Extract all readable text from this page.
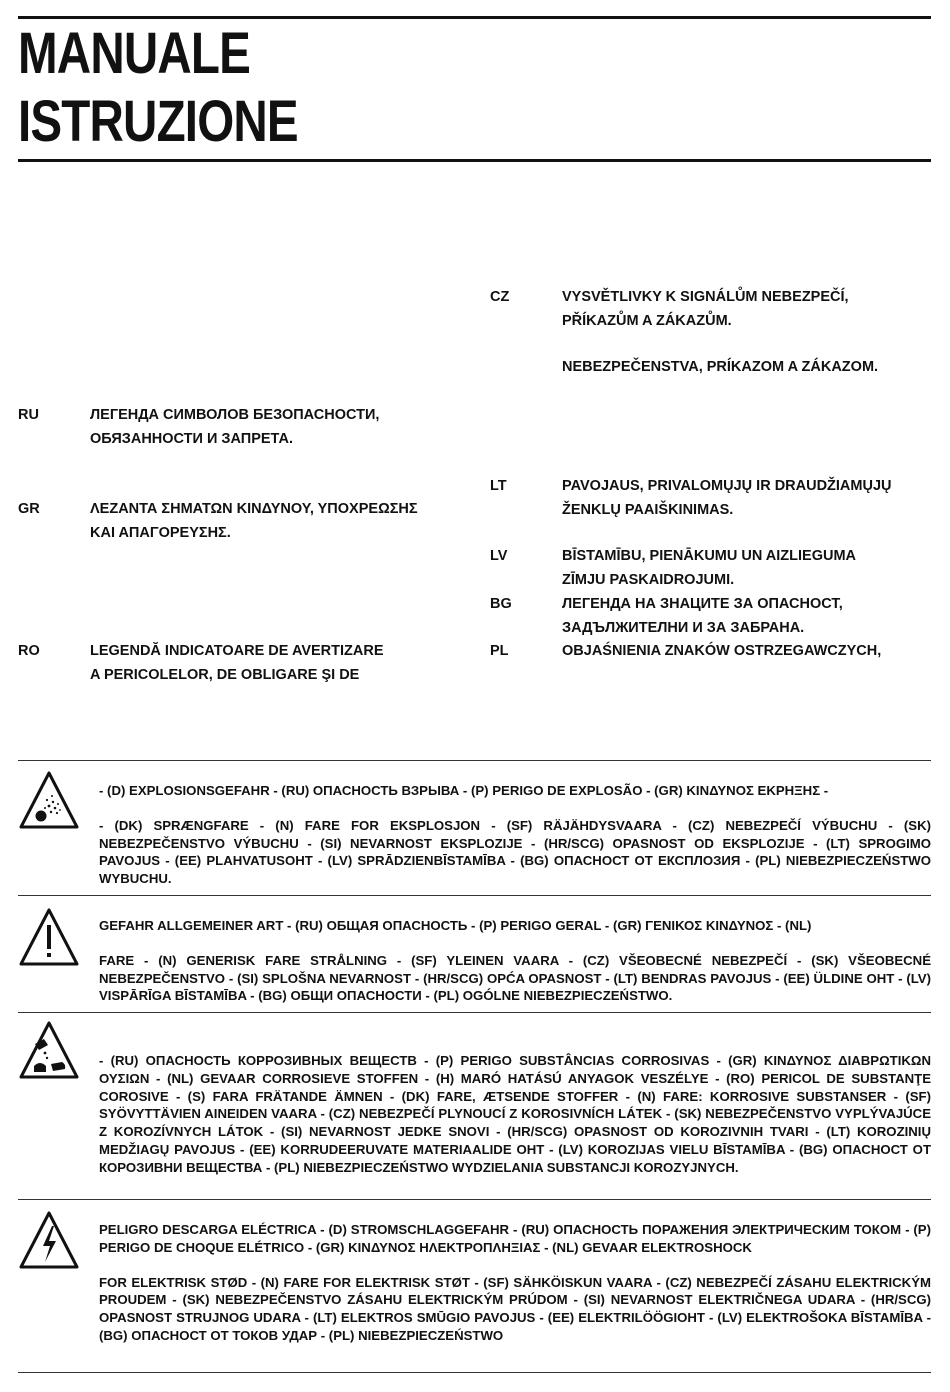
MANUALE
ISTRUZIONE
CZ	VYSVĚTLIVKY K SIGNÁLŮM NEBEZPEČÍ,
PŘÍKAZŮM A ZÁKAZŮM.
NEBEZPEČENSTVA, PRÍKAZOM A ZÁKAZOM.
RU	ЛЕГЕНДА СИМВОЛОВ БЕЗОПАСНОСТИ,
ОБЯЗАННОСТИ И ЗАПРЕТА.
LT	PAVOJAUS, PRIVALOMŲJŲ IR DRAUDŽIAMŲJŲ
ŽENKLŲ PAAIŠKINIMAS.
GR	ΛΕΖΑΝΤΑ ΣΗΜΑΤΩΝ ΚΙΝΔΥΝΟΥ, ΥΠΟΧΡΕΩΣΗΣ
ΚΑΙ ΑΠΑΓΟΡΕΥΣΗΣ.
LV	BĪSTAMĪBU, PIENĀKUMU UN AIZLIEGUMA
ZĪMJU PASKAIDROJUMI.
BG	ЛЕГЕНДА НА ЗНАЦИТЕ ЗА ОПАСНОСТ,
ЗАДЪЛЖИТЕЛНИ И ЗА ЗАБРАНА.
RO	LEGENDĂ INDICATOARE DE AVERTIZARE
A PERICOLELOR, DE OBLIGARE ŞI DE
PL	OBJAŚNIENIA ZNAKÓW OSTRZEGAWCZYCH,

- (D) EXPLOSIONSGEFAHR - (RU) ОПАСНОСТЬ ВЗРЫВА - (P) PERIGO DE EXPLOSÃO - (GR) ΚΙΝΔΥΝΟΣ ΕΚΡΗΞΗΣ -

- (DK) SPRÆNGFARE - (N) FARE FOR EKSPLOSJON - (SF) RÄJÄHDYSVAARA - (CZ) NEBEZPEČÍ VÝBUCHU - (SK) NEBEZPEČENSTVO VÝBUCHU - (SI) NEVARNOST EKSPLOZIJE - (HR/SCG) OPASNOST OD EKSPLOZIJE - (LT) SPROGIMO PAVOJUS - (EE) PLAHVATUSOHT - (LV) SPRĀDZIENBĪSTAMĪBA - (BG) ОПАСНОСТ ОТ ЕКСПЛОЗИЯ - (PL) NIEBEZPIECZEŃSTWO WYBUCHU.

GEFAHR ALLGEMEINER ART - (RU) ОБЩАЯ ОПАСНОСТЬ - (P) PERIGO GERAL - (GR) ΓΕΝΙΚΟΣ ΚΙΝΔΥΝΟΣ - (NL)

FARE - (N) GENERISK FARE STRÅLNING - (SF) YLEINEN VAARA - (CZ) VŠEOBECNÉ NEBEZPEČÍ - (SK) VŠEOBECNÉ NEBEZPEČENSTVO - (SI) SPLOŠNA NEVARNOST - (HR/SCG) OPĆA OPASNOST - (LT) BENDRAS PAVOJUS - (EE) ÜLDINE OHT - (LV) VISPĀRĪGA BĪSTAMĪBA - (BG) ОБЩИ ОПАСНОСТИ - (PL) OGÓLNE NIEBEZPIECZEŃSTWO.

- (RU) ОПАСНОСТЬ КОРРОЗИВНЫХ ВЕЩЕСТВ - (P) PERIGO SUBSTÂNCIAS CORROSIVAS - (GR) ΚΙΝΔΥΝΟΣ ΔΙΑΒΡΩΤΙΚΩΝ ΟΥΣΙΩΝ - (NL) GEVAAR CORROSIEVE STOFFEN - (H) MARÓ HATÁSÚ ANYAGOK VESZÉLYE - (RO) PERICOL DE SUBSTANŢE COROSIVE - (S) FARA FRÄTANDE ÄMNEN - (DK) FARE, ÆTSENDE STOFFER - (N) FARE: KORROSIVE SUBSTANSER - (SF) SYÖVYTTÄVIEN AINEIDEN VAARA - (CZ) NEBEZPEČÍ PLYNOUCÍ Z KOROSIVNÍCH LÁTEK - (SK) NEBEZPEČENSTVO VYPLÝVAJÚCE Z KOROZÍVNYCH LÁTOK - (SI) NEVARNOST JEDKE SNOVI - (HR/SCG) OPASNOST OD KOROZIVNIH TVARI - (LT) KOROZINIŲ MEDŽIAGŲ PAVOJUS - (EE) KORRUDEERUVATE MATERIAALIDE OHT - (LV) KOROZIJAS VIELU BĪSTAMĪBA - (BG) ОПАСНОСТ ОТ КОРОЗИВНИ ВЕЩЕСТВА - (PL) NIEBEZPIECZEŃSTWO WYDZIELANIA SUBSTANCJI KOROZYJNYCH.

PELIGRO DESCARGA ELÉCTRICA - (D) STROMSCHLAGGEFAHR - (RU) ОПАСНОСТЬ ПОРАЖЕНИЯ ЭЛЕКТРИЧЕСКИМ ТОКОМ - (P) PERIGO DE CHOQUE ELÉTRICO - (GR) ΚΙΝΔΥΝΟΣ ΗΛΕΚΤΡΟΠΛΗΞΙΑΣ - (NL) GEVAAR ELEKTROSHOCK

FOR ELEKTRISK STØD - (N) FARE FOR ELEKTRISK STØT - (SF) SÄHKÖISKUN VAARA - (CZ) NEBEZPEČÍ ZÁSAHU ELEKTRICKÝM PROUDEM - (SK) NEBEZPEČENSTVO ZÁSAHU ELEKTRICKÝM PRÚDOM - (SI) NEVARNOST ELEKTRIČNEGA UDARA - (HR/SCG) OPASNOST STRUJNOG UDARA - (LT) ELEKTROS SMŪGIO PAVOJUS - (EE) ELEKTRILÖÖGIOHT - (LV) ELEKTROŠOKA BĪSTAMĪBA - (BG) ОПАСНОСТ ОТ ТОКОВ УДАР - (PL) NIEBEZPIECZEŃSTWO
